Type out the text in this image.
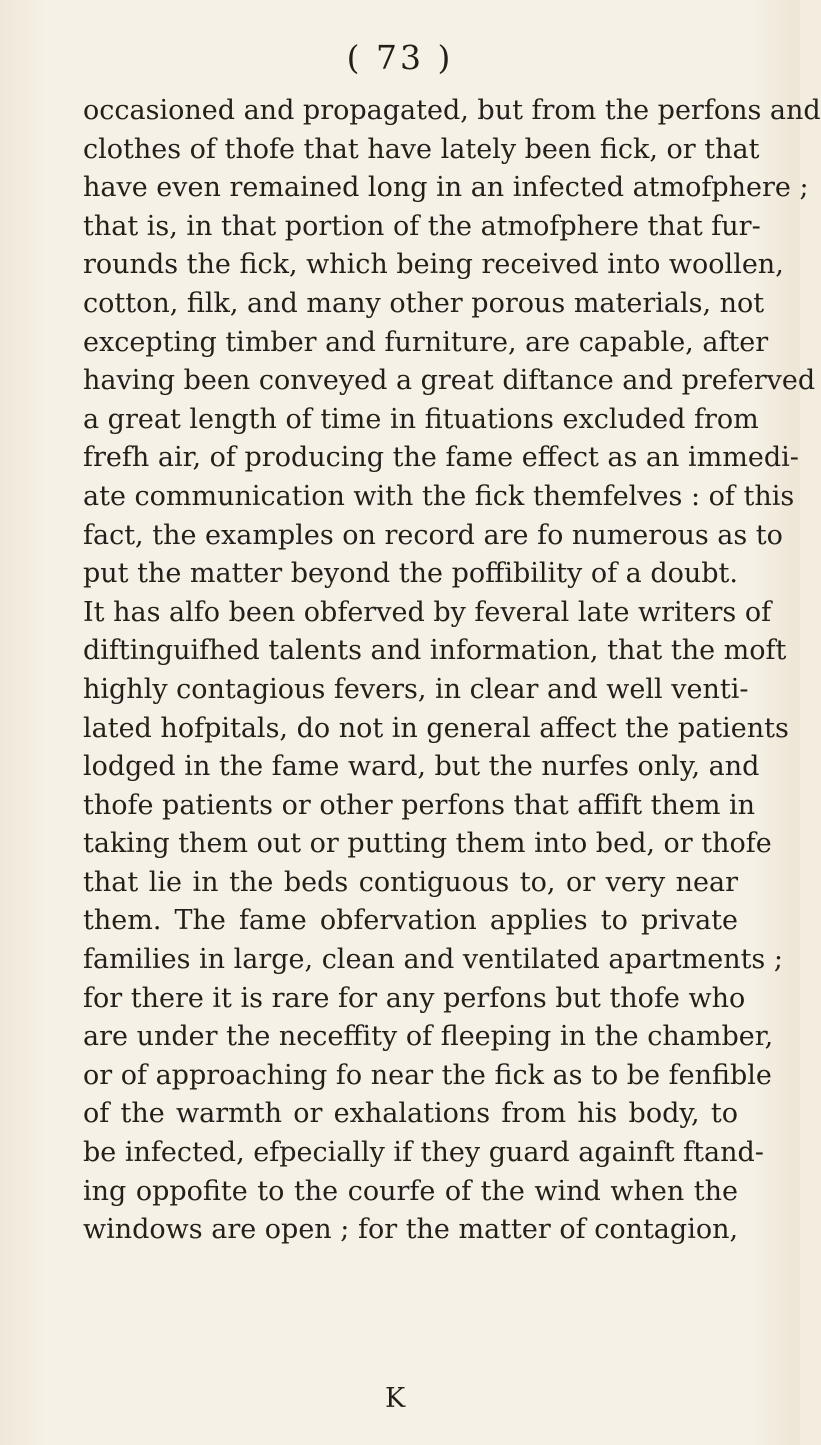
( 73 )
occasioned and propagated, but from the perfons and
clothes of thofe that have lately been fick, or that
have even remained long in an infected atmofphere ;
that is, in that portion of the atmofphere that fur-
rounds the fick, which being received into woollen,
cotton, filk, and many other porous materials, not
excepting timber and furniture, are capable, after
having been conveyed a great diftance and preferved
a great length of time in fituations excluded from
frefh air, of producing the fame effect as an immedi-
ate communication with the fick themfelves : of this
fact, the examples on record are fo numerous as to
put the matter beyond the poffibility of a doubt.
It has alfo been obferved by feveral late writers of
diftinguifhed talents and information, that the moft
highly contagious fevers, in clear and well venti-
lated hofpitals, do not in general affect the patients
lodged in the fame ward, but the nurfes only, and
thofe patients or other perfons that affift them in
taking them out or putting them into bed, or thofe
that lie in the beds contiguous to, or very near
them. The fame obfervation applies to private
families in large, clean and ventilated apartments ;
for there it is rare for any perfons but thofe who
are under the neceffity of fleeping in the chamber,
or of approaching fo near the fick as to be fenfible
of the warmth or exhalations from his body, to
be infected, efpecially if they guard againft ftand-
ing oppofite to the courfe of the wind when the
windows are open ; for the matter of contagion,
K
